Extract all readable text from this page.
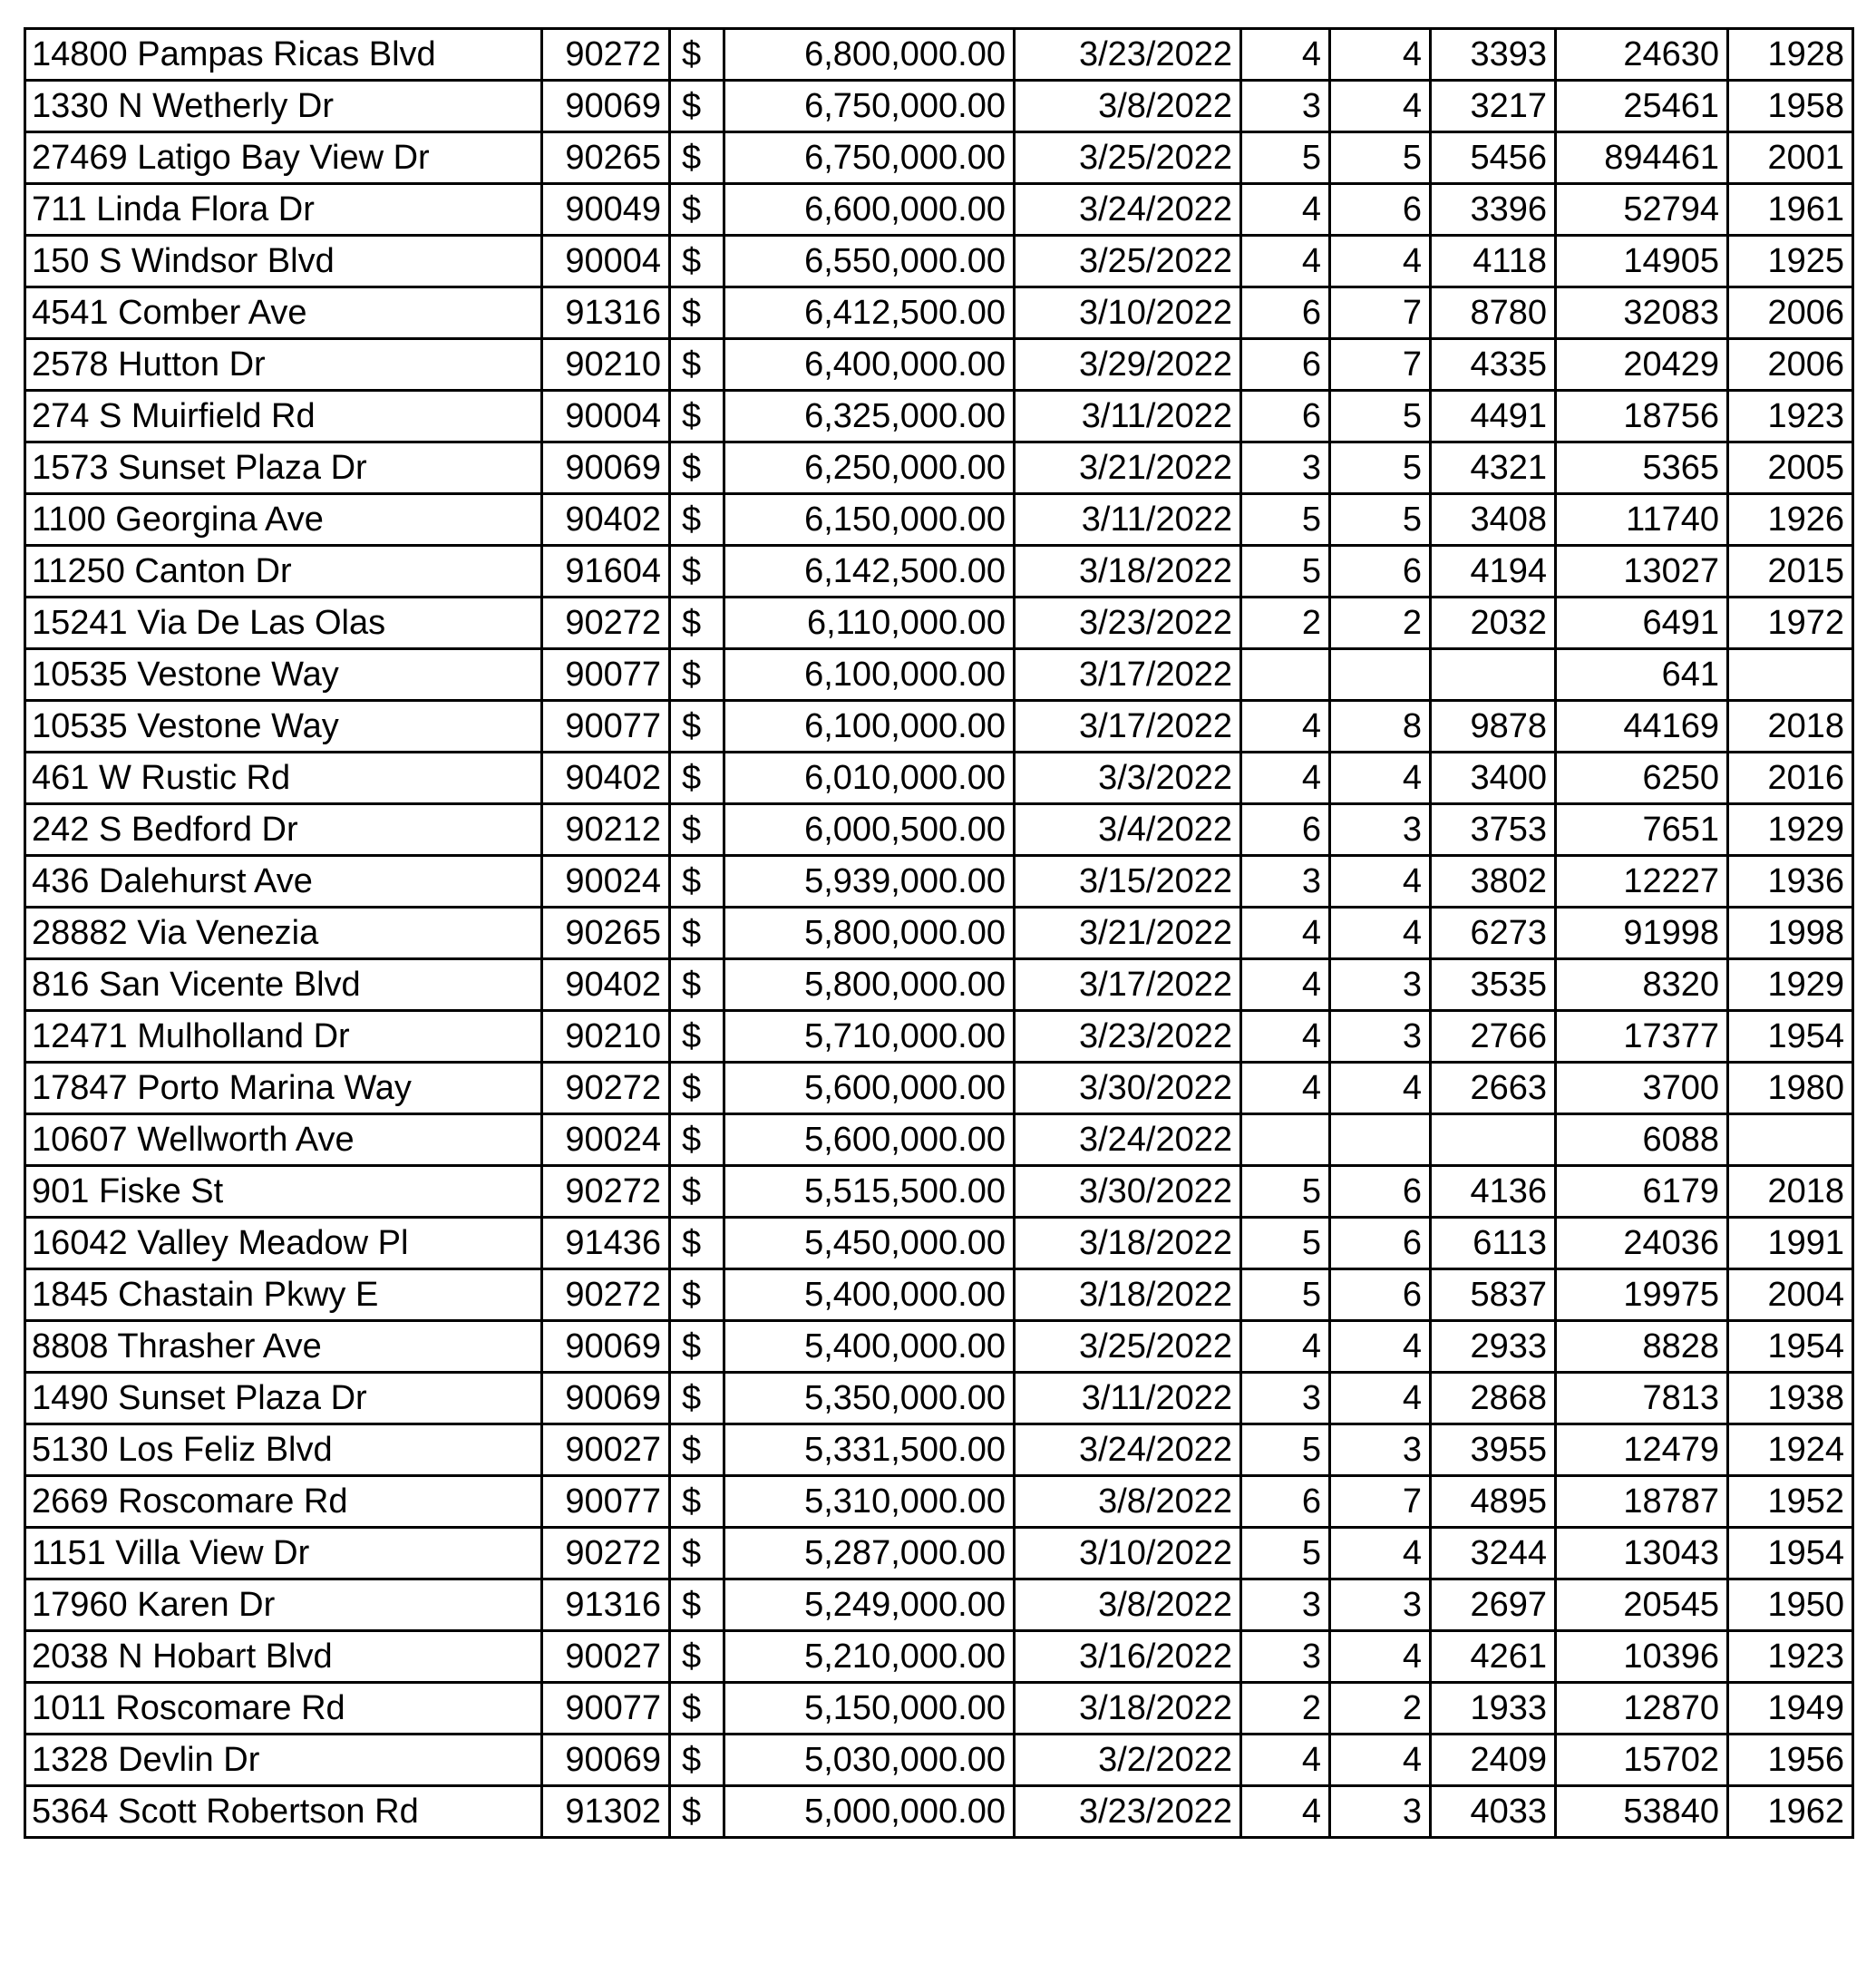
14800 Pampas Ricas Blvd	90272	$	6,800,000.00	3/23/2022	4	4	3393	24630	1928
1330 N Wetherly Dr	90069	$	6,750,000.00	3/8/2022	3	4	3217	25461	1958
27469 Latigo Bay View Dr	90265	$	6,750,000.00	3/25/2022	5	5	5456	894461	2001
711 Linda Flora Dr	90049	$	6,600,000.00	3/24/2022	4	6	3396	52794	1961
150 S Windsor Blvd	90004	$	6,550,000.00	3/25/2022	4	4	4118	14905	1925
4541 Comber Ave	91316	$	6,412,500.00	3/10/2022	6	7	8780	32083	2006
2578 Hutton Dr	90210	$	6,400,000.00	3/29/2022	6	7	4335	20429	2006
274 S Muirfield Rd	90004	$	6,325,000.00	3/11/2022	6	5	4491	18756	1923
1573 Sunset Plaza Dr	90069	$	6,250,000.00	3/21/2022	3	5	4321	5365	2005
1100 Georgina Ave	90402	$	6,150,000.00	3/11/2022	5	5	3408	11740	1926
11250 Canton Dr	91604	$	6,142,500.00	3/18/2022	5	6	4194	13027	2015
15241 Via De Las Olas	90272	$	6,110,000.00	3/23/2022	2	2	2032	6491	1972
10535 Vestone Way	90077	$	6,100,000.00	3/17/2022				641	
10535 Vestone Way	90077	$	6,100,000.00	3/17/2022	4	8	9878	44169	2018
461 W Rustic Rd	90402	$	6,010,000.00	3/3/2022	4	4	3400	6250	2016
242 S Bedford Dr	90212	$	6,000,500.00	3/4/2022	6	3	3753	7651	1929
436 Dalehurst Ave	90024	$	5,939,000.00	3/15/2022	3	4	3802	12227	1936
28882 Via Venezia	90265	$	5,800,000.00	3/21/2022	4	4	6273	91998	1998
816 San Vicente Blvd	90402	$	5,800,000.00	3/17/2022	4	3	3535	8320	1929
12471 Mulholland Dr	90210	$	5,710,000.00	3/23/2022	4	3	2766	17377	1954
17847 Porto Marina Way	90272	$	5,600,000.00	3/30/2022	4	4	2663	3700	1980
10607 Wellworth Ave	90024	$	5,600,000.00	3/24/2022				6088	
901 Fiske St	90272	$	5,515,500.00	3/30/2022	5	6	4136	6179	2018
16042 Valley Meadow Pl	91436	$	5,450,000.00	3/18/2022	5	6	6113	24036	1991
1845 Chastain Pkwy E	90272	$	5,400,000.00	3/18/2022	5	6	5837	19975	2004
8808 Thrasher Ave	90069	$	5,400,000.00	3/25/2022	4	4	2933	8828	1954
1490 Sunset Plaza Dr	90069	$	5,350,000.00	3/11/2022	3	4	2868	7813	1938
5130 Los Feliz Blvd	90027	$	5,331,500.00	3/24/2022	5	3	3955	12479	1924
2669 Roscomare Rd	90077	$	5,310,000.00	3/8/2022	6	7	4895	18787	1952
1151 Villa View Dr	90272	$	5,287,000.00	3/10/2022	5	4	3244	13043	1954
17960 Karen Dr	91316	$	5,249,000.00	3/8/2022	3	3	2697	20545	1950
2038 N Hobart Blvd	90027	$	5,210,000.00	3/16/2022	3	4	4261	10396	1923
1011 Roscomare Rd	90077	$	5,150,000.00	3/18/2022	2	2	1933	12870	1949
1328 Devlin Dr	90069	$	5,030,000.00	3/2/2022	4	4	2409	15702	1956
5364 Scott Robertson Rd	91302	$	5,000,000.00	3/23/2022	4	3	4033	53840	1962
